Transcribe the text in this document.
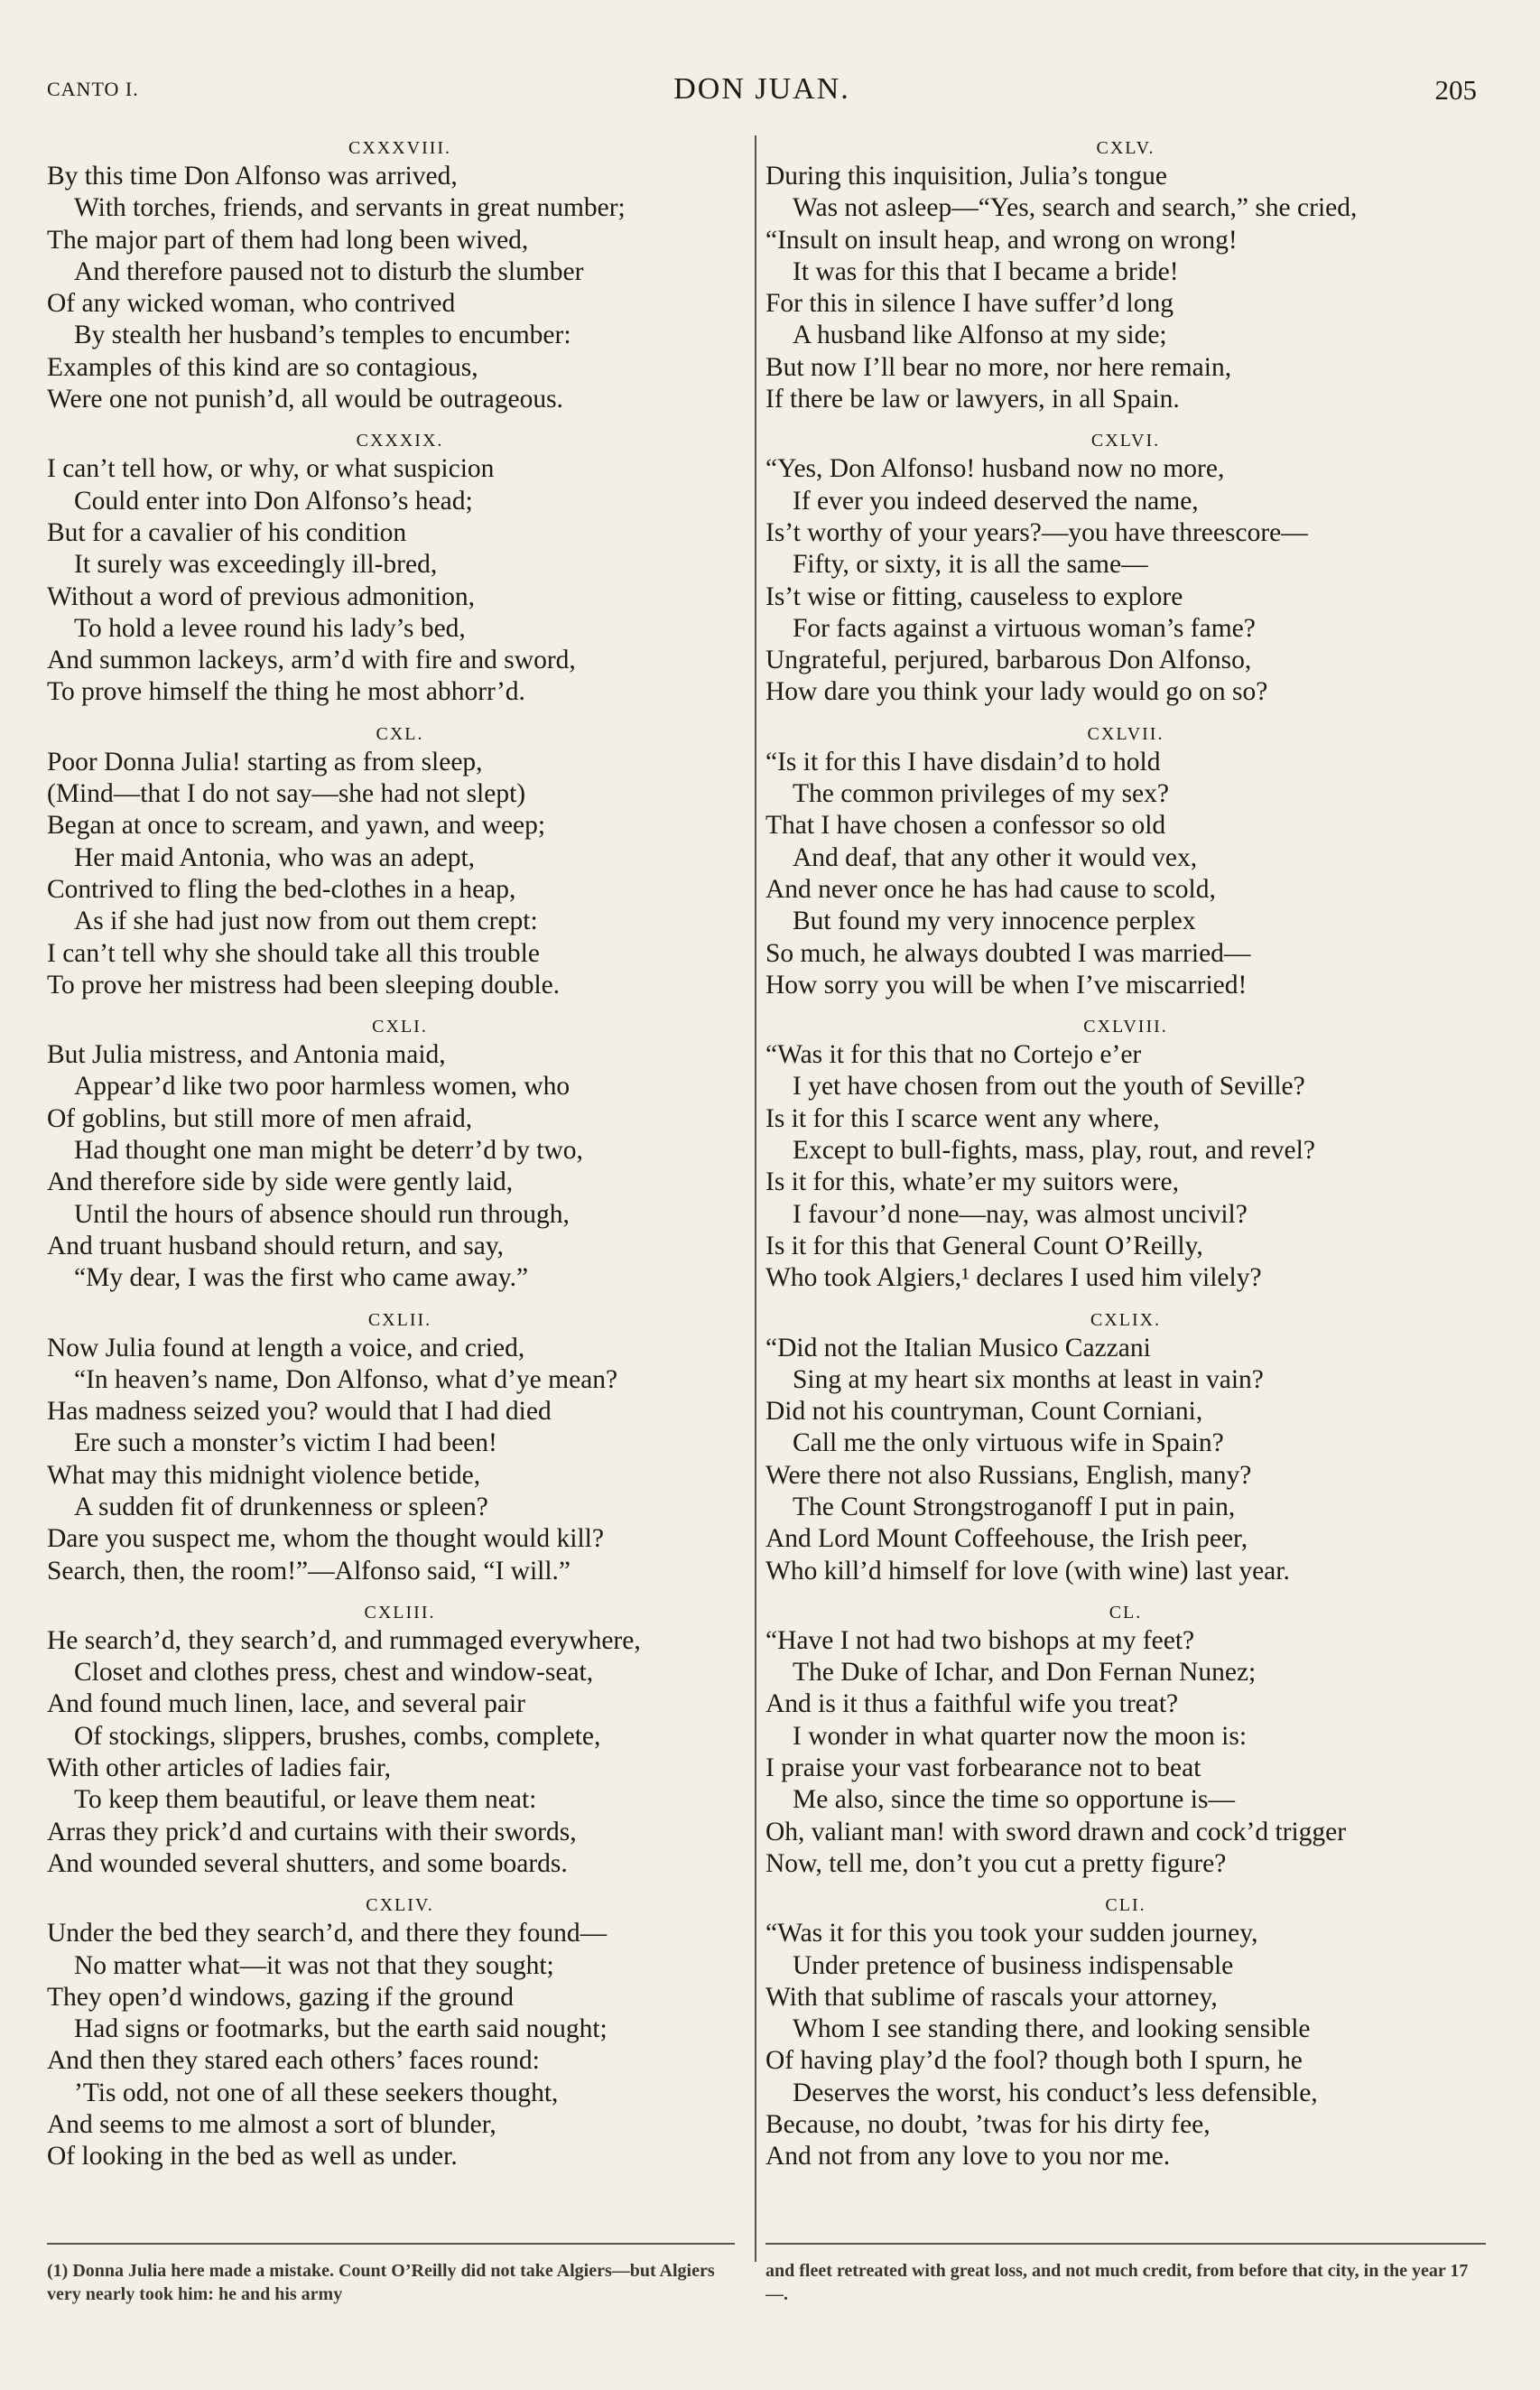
CANTO I.	DON JUAN.	205
CXXXVIII.
By this time Don Alfonso was arrived,
With torches, friends, and servants in great number;
The major part of them had long been wived,
And therefore paused not to disturb the slumber
Of any wicked woman, who contrived
By stealth her husband’s temples to encumber:
Examples of this kind are so contagious,
Were one not punish’d, all would be outrageous.
CXXXIX.
I can’t tell how, or why, or what suspicion
Could enter into Don Alfonso’s head;
But for a cavalier of his condition
It surely was exceedingly ill-bred,
Without a word of previous admonition,
To hold a levee round his lady’s bed,
And summon lackeys, arm’d with fire and sword,
To prove himself the thing he most abhorr’d.
CXL.
Poor Donna Julia! starting as from sleep,
(Mind—that I do not say—she had not slept)
Began at once to scream, and yawn, and weep;
Her maid Antonia, who was an adept,
Contrived to fling the bed-clothes in a heap,
As if she had just now from out them crept:
I can’t tell why she should take all this trouble
To prove her mistress had been sleeping double.
CXLI.
But Julia mistress, and Antonia maid,
Appear’d like two poor harmless women, who
Of goblins, but still more of men afraid,
Had thought one man might be deterr’d by two,
And therefore side by side were gently laid,
Until the hours of absence should run through,
And truant husband should return, and say,
“My dear, I was the first who came away.”
CXLII.
Now Julia found at length a voice, and cried,
“In heaven’s name, Don Alfonso, what d’ye mean?
Has madness seized you? would that I had died
Ere such a monster’s victim I had been!
What may this midnight violence betide,
A sudden fit of drunkenness or spleen?
Dare you suspect me, whom the thought would kill?
Search, then, the room!”—Alfonso said, “I will.”
CXLIII.
He search’d, they search’d, and rummaged everywhere,
Closet and clothes press, chest and window-seat,
And found much linen, lace, and several pair
Of stockings, slippers, brushes, combs, complete,
With other articles of ladies fair,
To keep them beautiful, or leave them neat:
Arras they prick’d and curtains with their swords,
And wounded several shutters, and some boards.
CXLIV.
Under the bed they search’d, and there they found—
No matter what—it was not that they sought;
They open’d windows, gazing if the ground
Had signs or footmarks, but the earth said nought;
And then they stared each others’ faces round:
’Tis odd, not one of all these seekers thought,
And seems to me almost a sort of blunder,
Of looking in the bed as well as under.
CXLV.
During this inquisition, Julia’s tongue
Was not asleep—“Yes, search and search,” she cried,
“Insult on insult heap, and wrong on wrong!
It was for this that I became a bride!
For this in silence I have suffer’d long
A husband like Alfonso at my side;
But now I’ll bear no more, nor here remain,
If there be law or lawyers, in all Spain.
CXLVI.
“Yes, Don Alfonso! husband now no more,
If ever you indeed deserved the name,
Is’t worthy of your years?—you have threescore—
Fifty, or sixty, it is all the same—
Is’t wise or fitting, causeless to explore
For facts against a virtuous woman’s fame?
Ungrateful, perjured, barbarous Don Alfonso,
How dare you think your lady would go on so?
CXLVII.
“Is it for this I have disdain’d to hold
The common privileges of my sex?
That I have chosen a confessor so old
And deaf, that any other it would vex,
And never once he has had cause to scold,
But found my very innocence perplex
So much, he always doubted I was married—
How sorry you will be when I’ve miscarried!
CXLVIII.
“Was it for this that no Cortejo e’er
I yet have chosen from out the youth of Seville?
Is it for this I scarce went any where,
Except to bull-fights, mass, play, rout, and revel?
Is it for this, whate’er my suitors were,
I favour’d none—nay, was almost uncivil?
Is it for this that General Count O’Reilly,
Who took Algiers,¹ declares I used him vilely?
CXLIX.
“Did not the Italian Musico Cazzani
Sing at my heart six months at least in vain?
Did not his countryman, Count Corniani,
Call me the only virtuous wife in Spain?
Were there not also Russians, English, many?
The Count Strongstroganoff I put in pain,
And Lord Mount Coffeehouse, the Irish peer,
Who kill’d himself for love (with wine) last year.
CL.
“Have I not had two bishops at my feet?
The Duke of Ichar, and Don Fernan Nunez;
And is it thus a faithful wife you treat?
I wonder in what quarter now the moon is:
I praise your vast forbearance not to beat
Me also, since the time so opportune is—
Oh, valiant man! with sword drawn and cock’d trigger
Now, tell me, don’t you cut a pretty figure?
CLI.
“Was it for this you took your sudden journey,
Under pretence of business indispensable
With that sublime of rascals your attorney,
Whom I see standing there, and looking sensible
Of having play’d the fool? though both I spurn, he
Deserves the worst, his conduct’s less defensible,
Because, no doubt, ’twas for his dirty fee,
And not from any love to you nor me.
(1) Donna Julia here made a mistake. Count O’Reilly did not take Algiers—but Algiers very nearly took him: he and his army
and fleet retreated with great loss, and not much credit, from before that city, in the year 17—.
